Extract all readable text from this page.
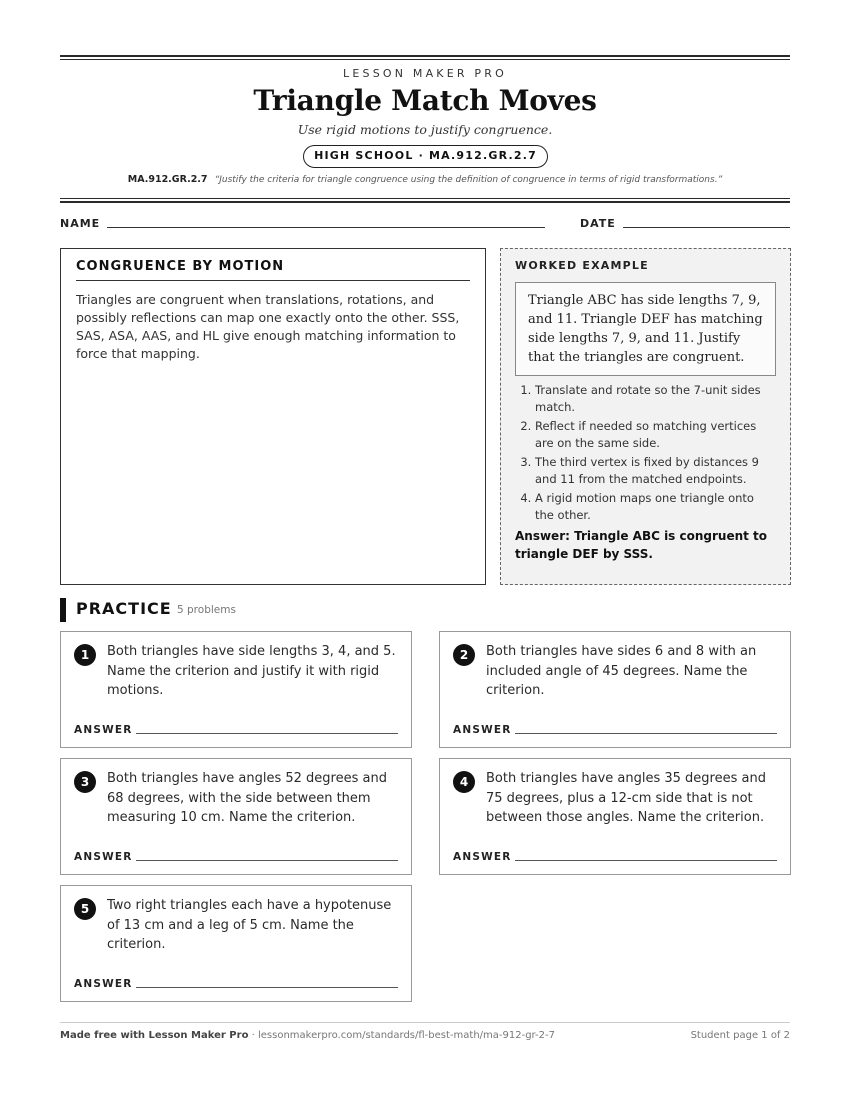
LESSON MAKER PRO
Triangle Match Moves
Use rigid motions to justify congruence.
HIGH SCHOOL · MA.912.GR.2.7
MA.912.GR.2.7 “Justify the criteria for triangle congruence using the definition of congruence in terms of rigid transformations.”
NAME	DATE
CONGRUENCE BY MOTION

Triangles are congruent when translations, rotations, and possibly reflections can map one exactly onto the other. SSS, SAS, ASA, AAS, and HL give enough matching information to force that mapping.

WORKED EXAMPLE
Triangle ABC has side lengths 7, 9, and 11. Triangle DEF has matching side lengths 7, 9, and 11. Justify that the triangles are congruent.
1. Translate and rotate so the 7-unit sides match.
2. Reflect if needed so matching vertices are on the same side.
3. The third vertex is fixed by distances 9 and 11 from the matched endpoints.
4. A rigid motion maps one triangle onto the other.
Answer: Triangle ABC is congruent to triangle DEF by SSS.
PRACTICE 5 problems
1	Both triangles have side lengths 3, 4, and 5. Name the criterion and justify it with rigid motions.
ANSWER
2	Both triangles have sides 6 and 8 with an included angle of 45 degrees. Name the criterion.
ANSWER
3	Both triangles have angles 52 degrees and 68 degrees, with the side between them measuring 10 cm. Name the criterion.
ANSWER
4	Both triangles have angles 35 degrees and 75 degrees, plus a 12-cm side that is not between those angles. Name the criterion.
ANSWER
5	Two right triangles each have a hypotenuse of 13 cm and a leg of 5 cm. Name the criterion.
ANSWER
Made free with Lesson Maker Pro · lessonmakerpro.com/standards/fl-best-math/ma-912-gr-2-7	Student page 1 of 2
